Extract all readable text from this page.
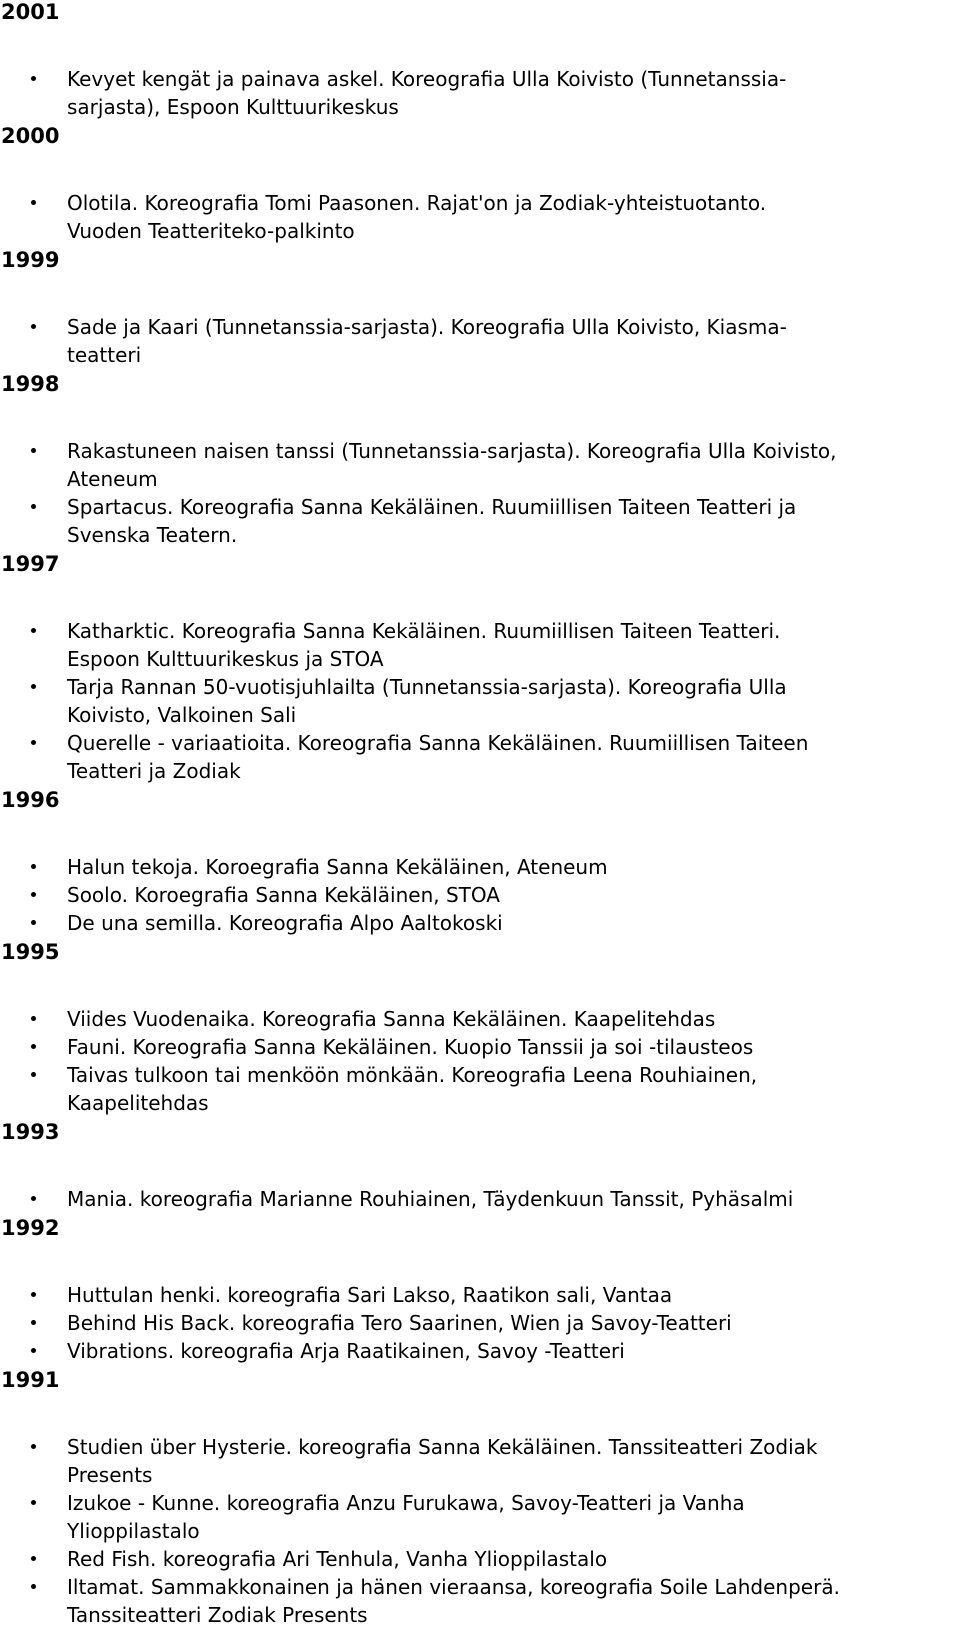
2001
Kevyet kengät ja painava askel. Koreografia Ulla Koivisto (Tunnetanssia-
sarjasta), Espoon Kulttuurikeskus
2000
Olotila. Koreografia Tomi Paasonen. Rajat'on ja Zodiak-yhteistuotanto.
Vuoden Teatteriteko-palkinto
1999
Sade ja Kaari (Tunnetanssia-sarjasta). Koreografia Ulla Koivisto, Kiasma-
teatteri
1998
Rakastuneen naisen tanssi (Tunnetanssia-sarjasta). Koreografia Ulla Koivisto,
Ateneum
Spartacus. Koreografia Sanna Kekäläinen. Ruumiillisen Taiteen Teatteri ja
Svenska Teatern.
1997
Katharktic. Koreografia Sanna Kekäläinen. Ruumiillisen Taiteen Teatteri.
Espoon Kulttuurikeskus ja STOA
Tarja Rannan 50-vuotisjuhlailta (Tunnetanssia-sarjasta). Koreografia Ulla
Koivisto, Valkoinen Sali
Querelle - variaatioita. Koreografia Sanna Kekäläinen. Ruumiillisen Taiteen
Teatteri ja Zodiak
1996
Halun tekoja. Koroegrafia Sanna Kekäläinen, Ateneum
Soolo. Koroegrafia Sanna Kekäläinen, STOA
De una semilla. Koreografia Alpo Aaltokoski
1995
Viides Vuodenaika. Koreografia Sanna Kekäläinen. Kaapelitehdas
Fauni. Koreografia Sanna Kekäläinen. Kuopio Tanssii ja soi -tilausteos
Taivas tulkoon tai menköön mönkään. Koreografia Leena Rouhiainen,
Kaapelitehdas
1993
Mania. koreografia Marianne Rouhiainen, Täydenkuun Tanssit, Pyhäsalmi
1992
Huttulan henki. koreografia Sari Lakso, Raatikon sali, Vantaa
Behind His Back. koreografia Tero Saarinen, Wien ja Savoy-Teatteri
Vibrations. koreografia Arja Raatikainen, Savoy -Teatteri
1991
Studien über Hysterie. koreografia Sanna Kekäläinen. Tanssiteatteri Zodiak
Presents
Izukoe - Kunne. koreografia Anzu Furukawa, Savoy-Teatteri ja Vanha
Ylioppilastalo
Red Fish. koreografia Ari Tenhula, Vanha Ylioppilastalo
Iltamat. Sammakkonainen ja hänen vieraansa, koreografia Soile Lahdenperä.
Tanssiteatteri Zodiak Presents
